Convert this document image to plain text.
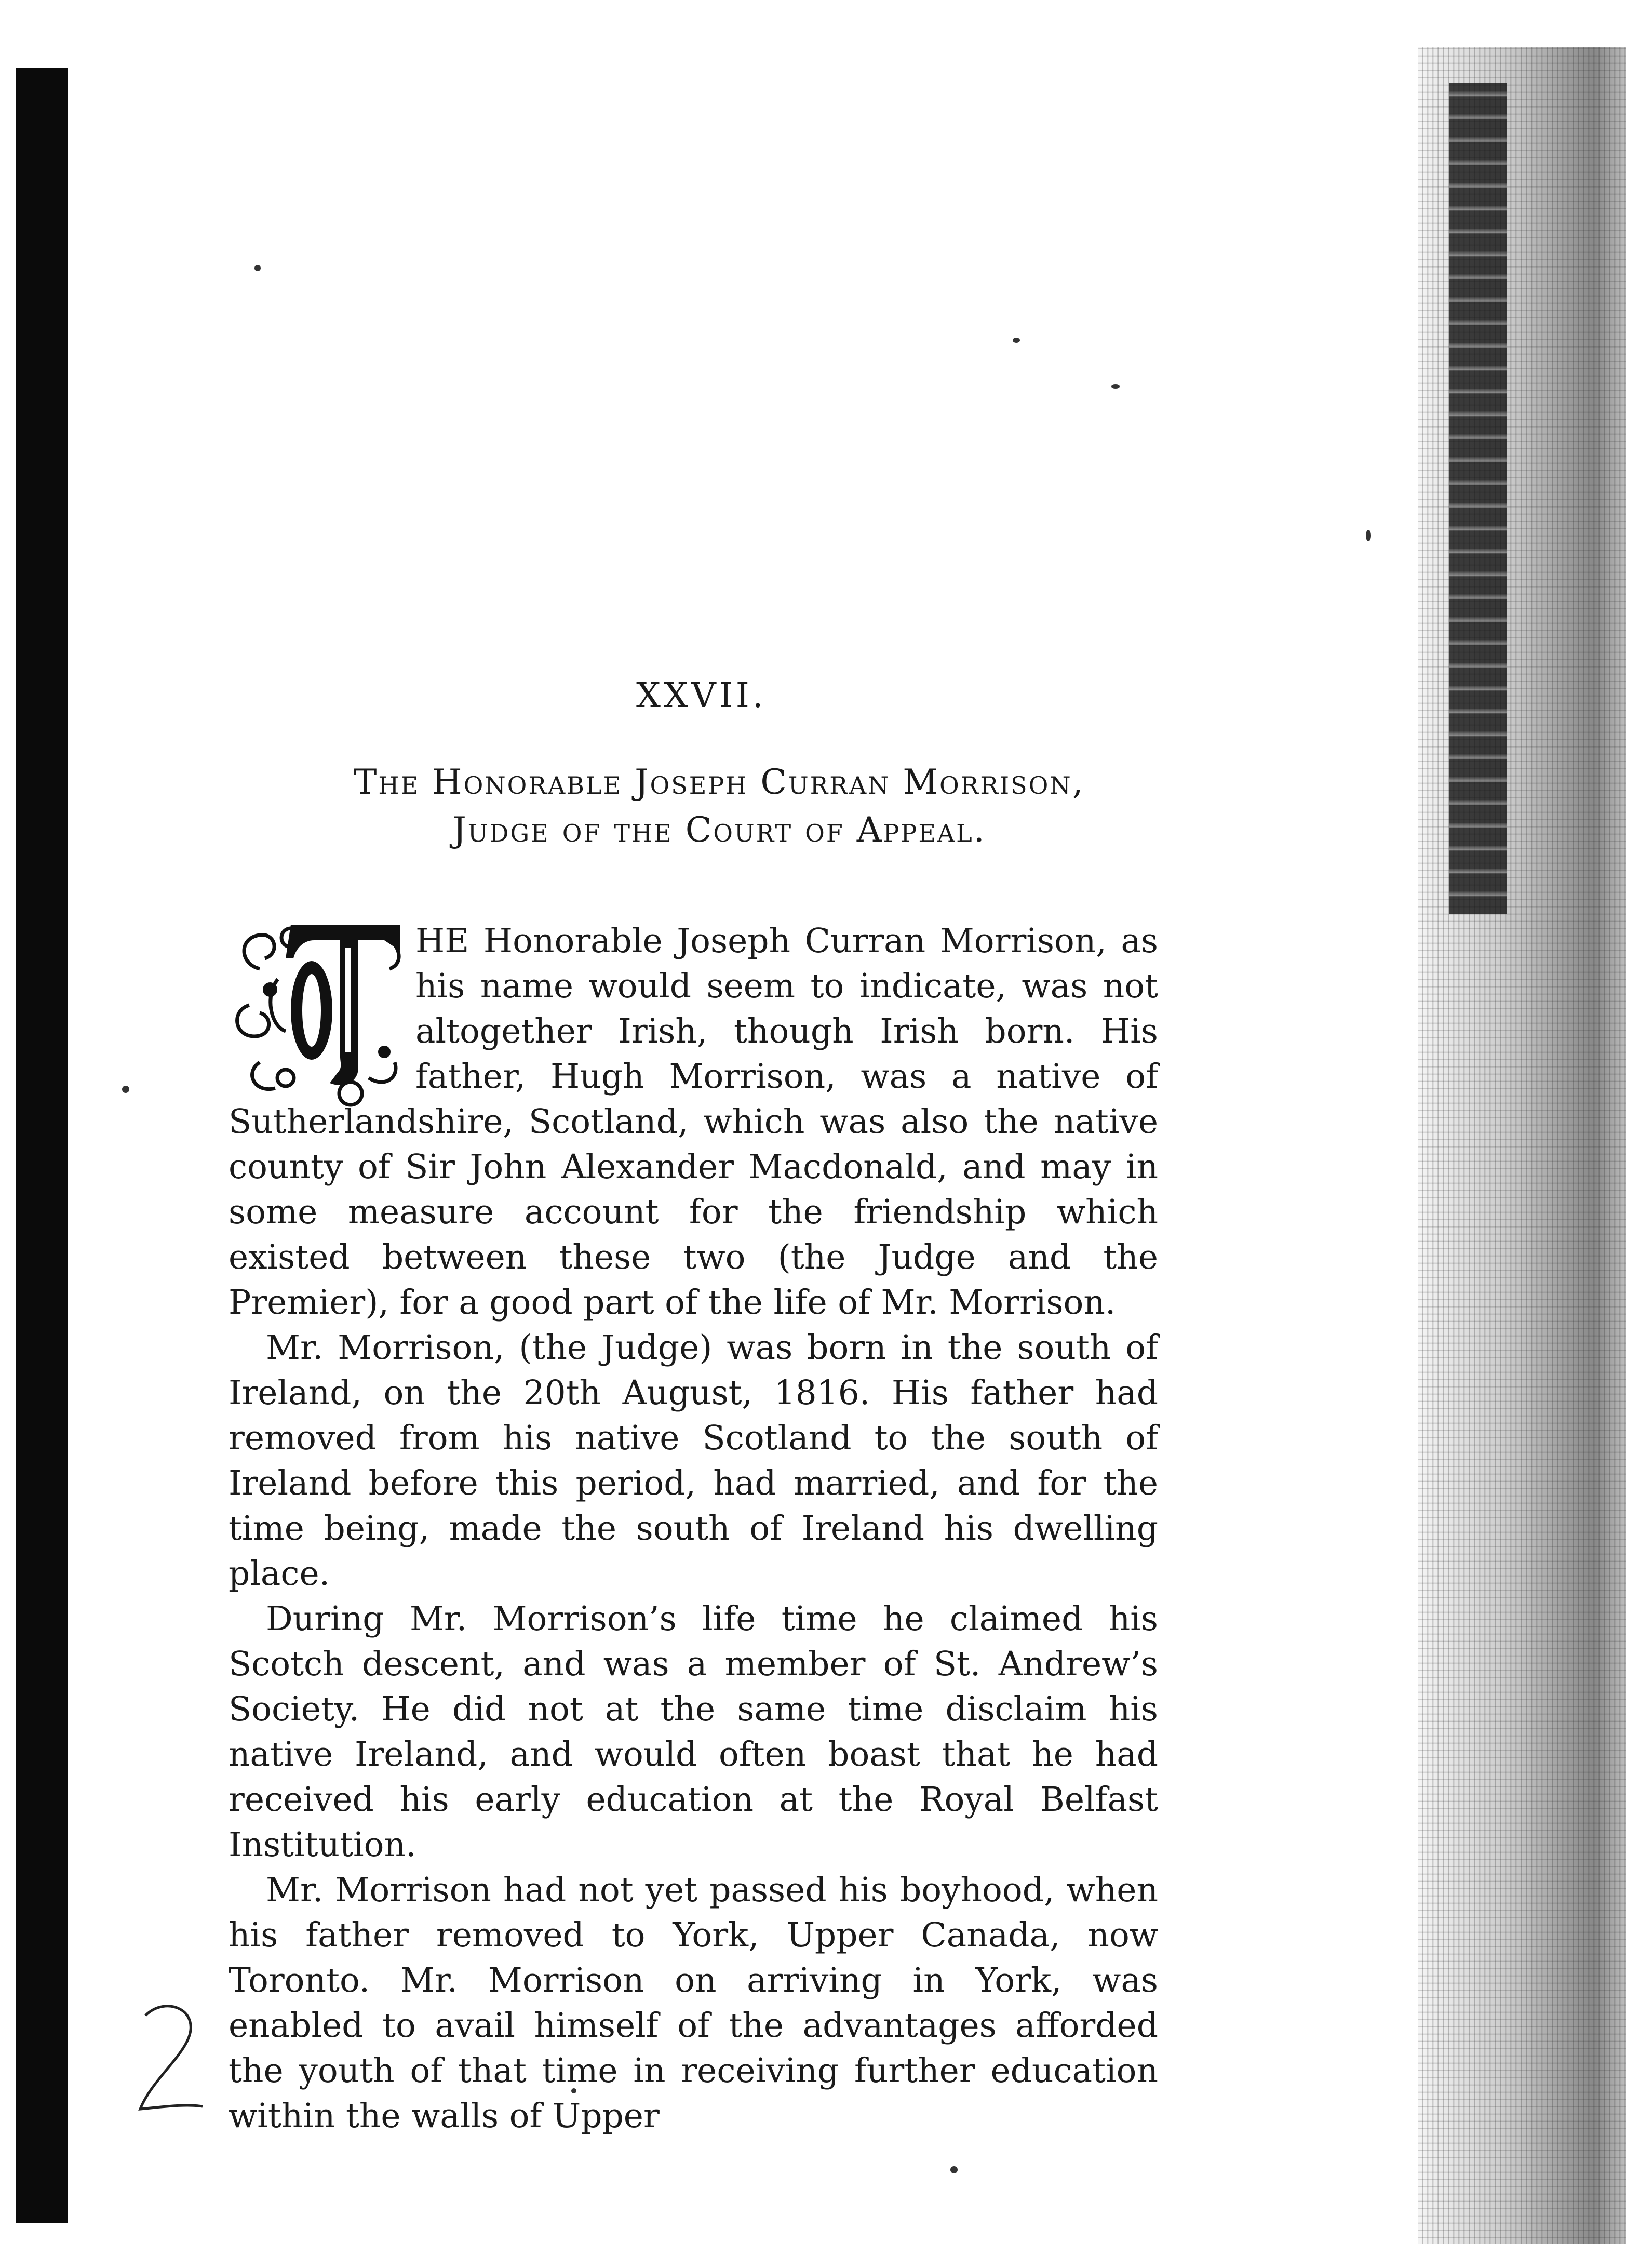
XXVII.
The Honorable Joseph Curran Morrison,
Judge of the Court of Appeal.

HE Honorable Joseph Curran Morrison, as his name would seem to indicate, was not altogether Irish, though Irish born. His father, Hugh Morrison, was a native of Sutherlandshire, Scotland, which was also the native county of Sir John Alexander Macdonald, and may in some measure account for the friendship which existed between these two (the Judge and the Premier), for a good part of the life of Mr. Morrison.

Mr. Morrison, (the Judge) was born in the south of Ireland, on the 20th August, 1816. His father had removed from his native Scotland to the south of Ireland before this period, had married, and for the time being, made the south of Ireland his dwelling place.

During Mr. Morrison’s life time he claimed his Scotch descent, and was a member of St. Andrew’s Society. He did not at the same time disclaim his native Ireland, and would often boast that he had received his early education at the Royal Belfast Institution.

Mr. Morrison had not yet passed his boyhood, when his father removed to York, Upper Canada, now Toronto. Mr. Morrison on arriving in York, was enabled to avail himself of the advantages afforded the youth of that time in receiving further education within the walls of Upper
